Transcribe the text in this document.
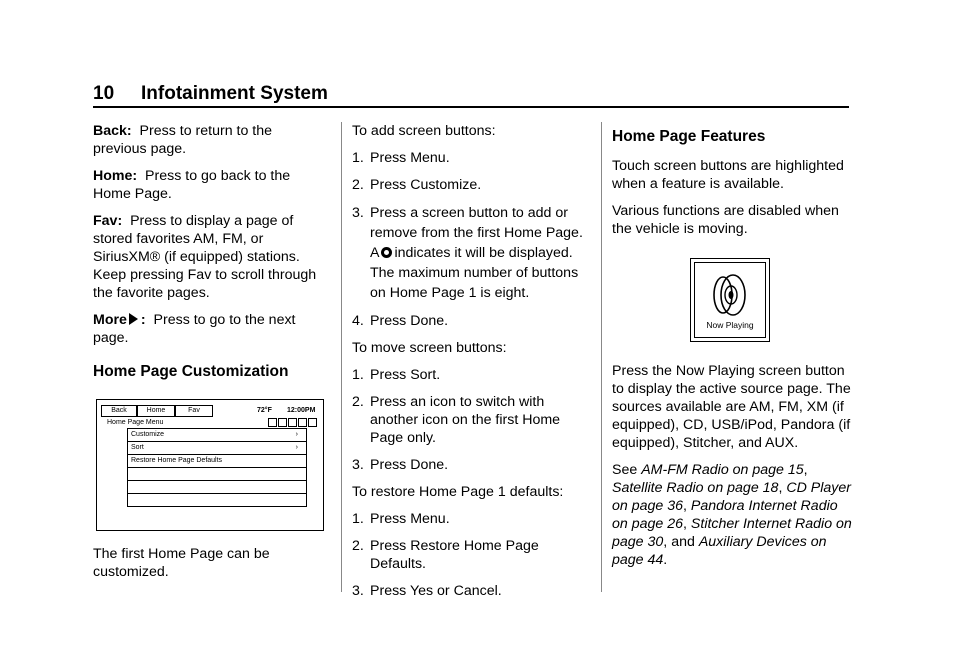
10 Infotainment System

Back: Press to return to the previous page.

Home: Press to go back to the Home Page.

Fav: Press to display a page of stored favorites AM, FM, or SiriusXM® (if equipped) stations. Keep pressing Fav to scroll through the favorite pages.

More : Press to go to the next page.

Home Page Customization
Back	Home	Fav	72°F 12:00PM
Home Page Menu
Customize	›
Sort	›
Restore Home Page Defaults

The first Home Page can be customized.

To add screen buttons:

1. Press Menu.

2. Press Customize.

3. Press a screen button to add or remove from the first Home Page. A indicates it will be displayed. The maximum number of buttons on Home Page 1 is eight.

4. Press Done.

To move screen buttons:

1. Press Sort.

2. Press an icon to switch with another icon on the first Home Page only.

3. Press Done.

To restore Home Page 1 defaults:

1. Press Menu.

2. Press Restore Home Page Defaults.

3. Press Yes or Cancel.

Home Page Features

Touch screen buttons are highlighted when a feature is available.

Various functions are disabled when the vehicle is moving.

Now Playing

Press the Now Playing screen button to display the active source page. The sources available are AM, FM, XM (if equipped), CD, USB/iPod, Pandora (if equipped), Stitcher, and AUX.

See AM-FM Radio on page 15, Satellite Radio on page 18, CD Player on page 36, Pandora Internet Radio on page 26, Stitcher Internet Radio on page 30, and Auxiliary Devices on page 44.
